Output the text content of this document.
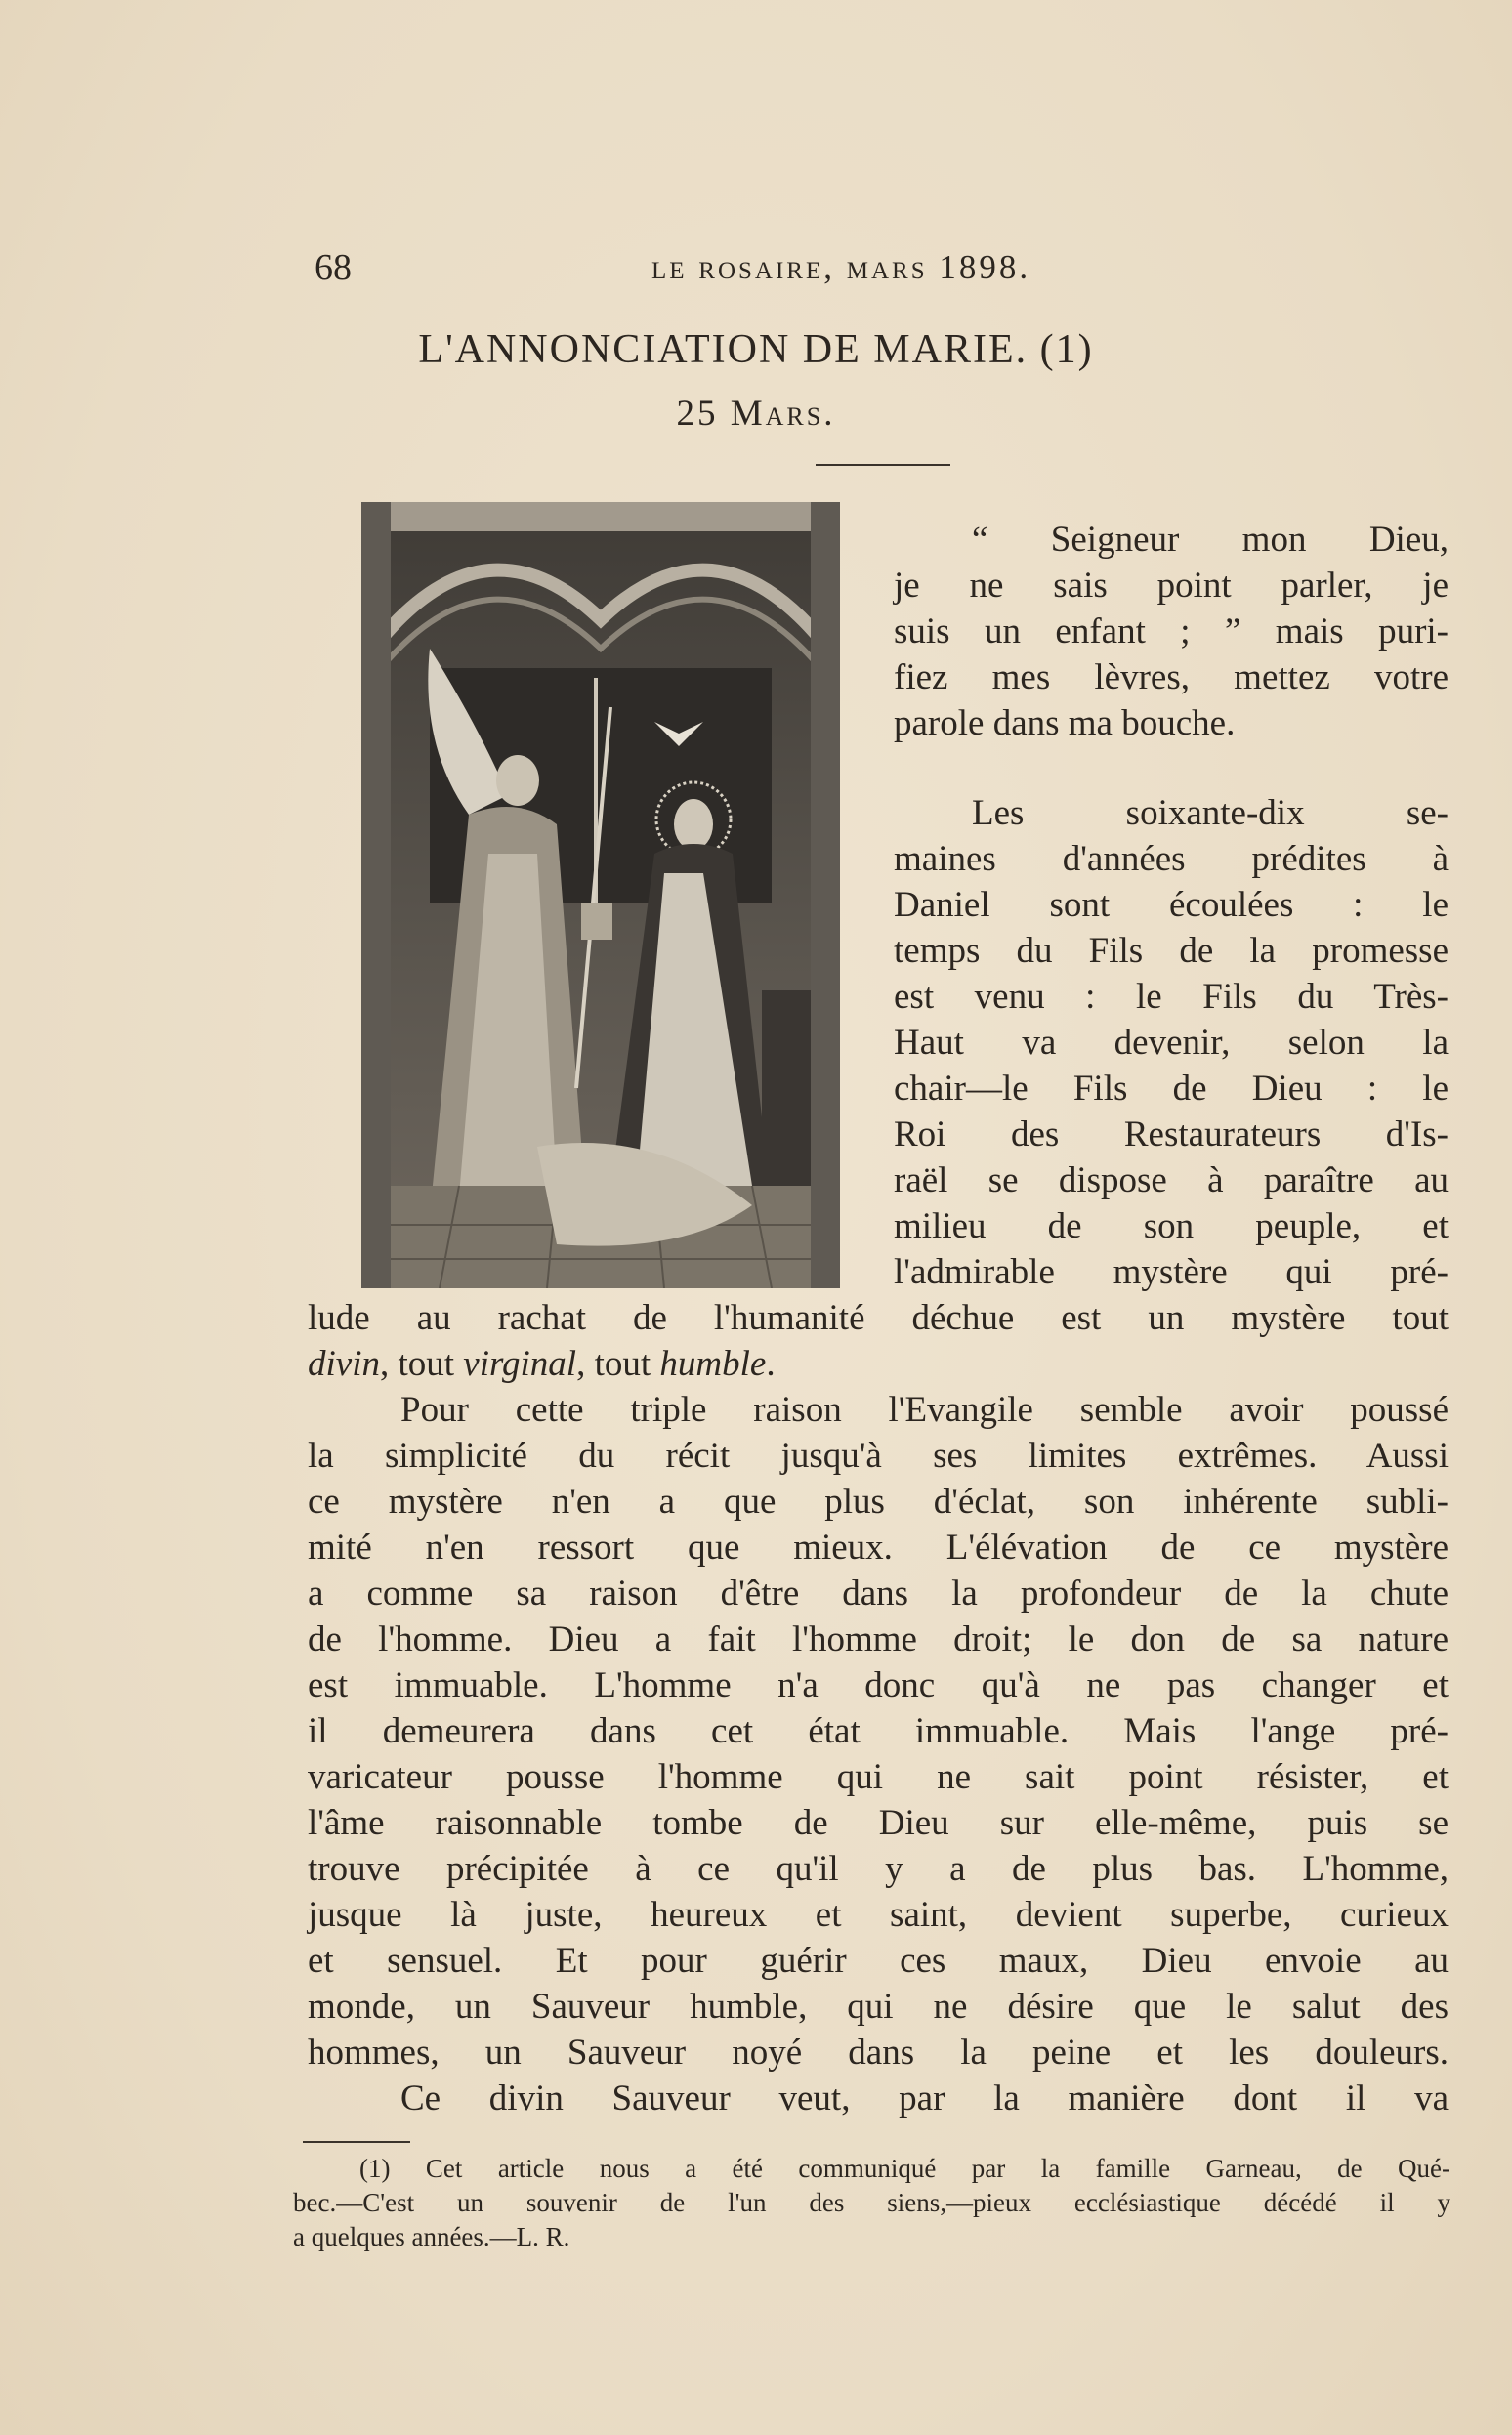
68	le rosaire, mars 1898.
L'ANNONCIATION DE MARIE. (1)
25 Mars.
“ Seigneur mon Dieu,
je ne sais point parler, je
suis un enfant ; ” mais puri-
fiez mes lèvres, mettez votre
parole dans ma bouche.
Les soixante-dix se-
maines d'années prédites à
Daniel sont écoulées : le
temps du Fils de la promesse
est venu : le Fils du Très-
Haut va devenir, selon la
chair—le Fils de Dieu : le
Roi des Restaurateurs d'Is-
raël se dispose à paraître au
milieu de son peuple, et
l'admirable mystère qui pré-
lude au rachat de l'humanité déchue est un mystère tout
divin, tout virginal, tout humble.
Pour cette triple raison l'Evangile semble avoir poussé
la simplicité du récit jusqu'à ses limites extrêmes. Aussi
ce mystère n'en a que plus d'éclat, son inhérente subli-
mité n'en ressort que mieux. L'élévation de ce mystère
a comme sa raison d'être dans la profondeur de la chute
de l'homme. Dieu a fait l'homme droit; le don de sa nature
est immuable. L'homme n'a donc qu'à ne pas changer et
il demeurera dans cet état immuable. Mais l'ange pré-
varicateur pousse l'homme qui ne sait point résister, et
l'âme raisonnable tombe de Dieu sur elle-même, puis se
trouve précipitée à ce qu'il y a de plus bas. L'homme,
jusque là juste, heureux et saint, devient superbe, curieux
et sensuel. Et pour guérir ces maux, Dieu envoie au
monde, un Sauveur humble, qui ne désire que le salut des
hommes, un Sauveur noyé dans la peine et les douleurs.
Ce divin Sauveur veut, par la manière dont il va
(1) Cet article nous a été communiqué par la famille Garneau, de Qué-
bec.—C'est un souvenir de l'un des siens,—pieux ecclésiastique décédé il y
a quelques années.—L. R.
